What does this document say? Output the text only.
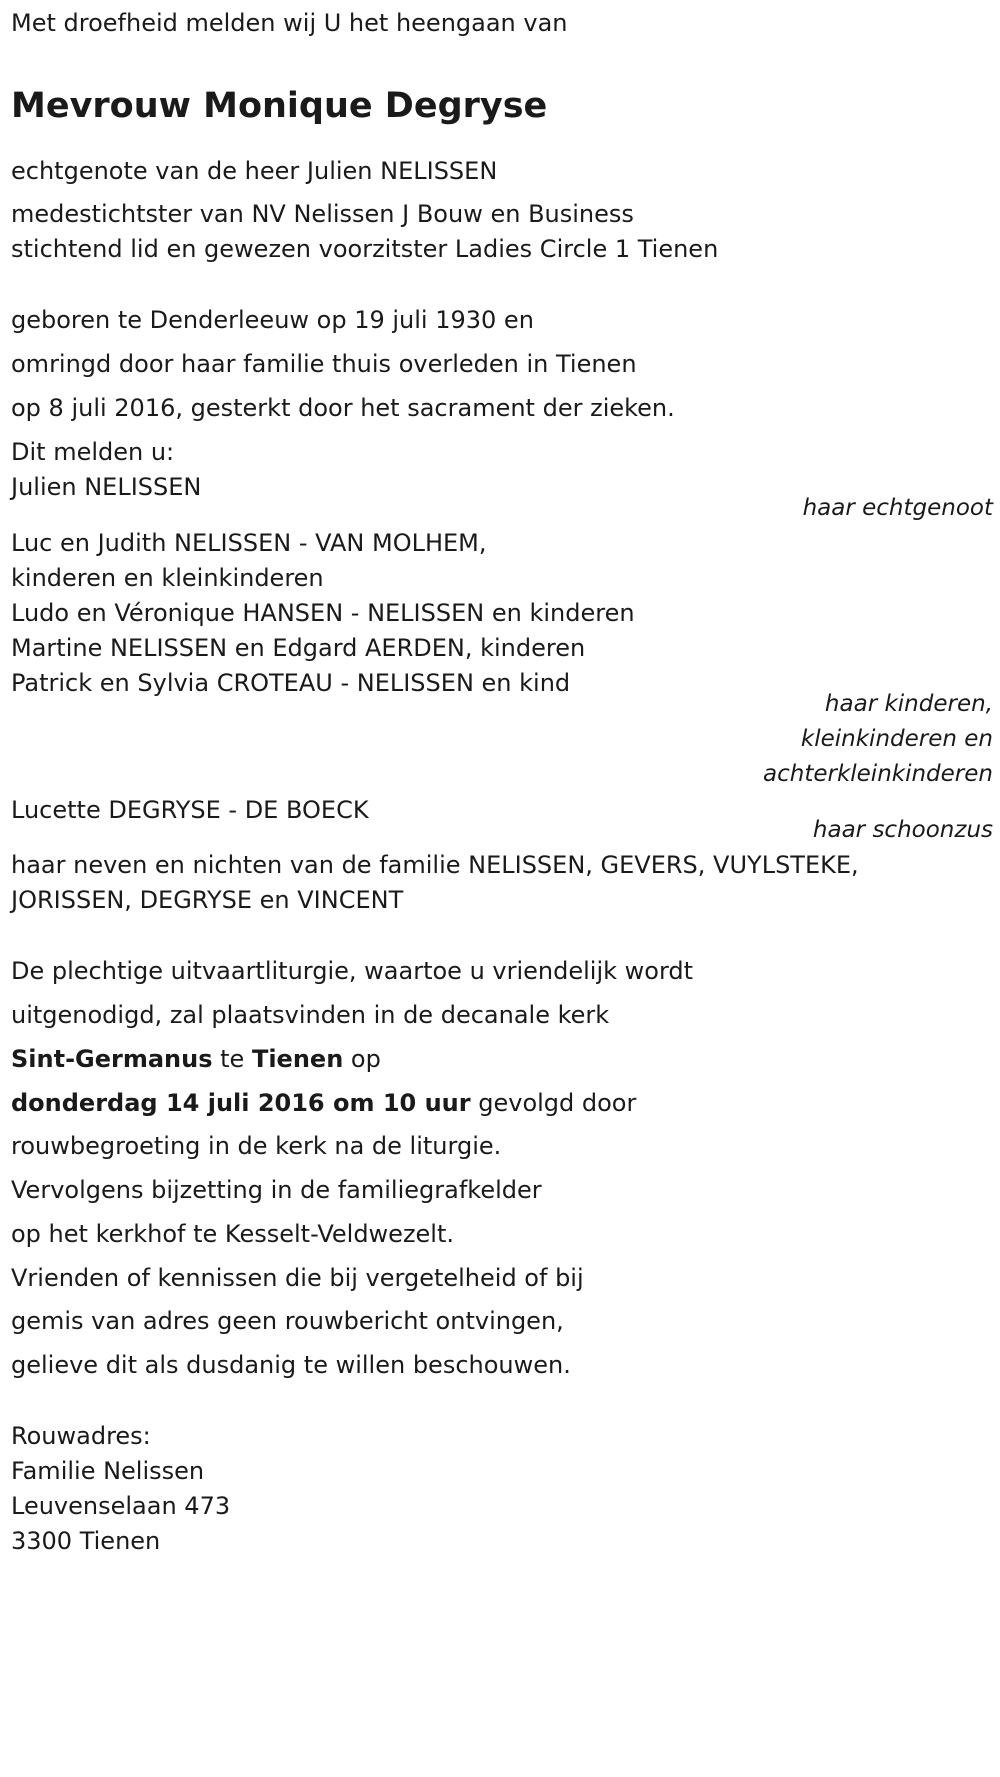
Met droefheid melden wij U het heengaan van
Mevrouw Monique Degryse
echtgenote van de heer Julien NELISSEN
medestichtster van NV Nelissen J Bouw en Business
stichtend lid en gewezen voorzitster Ladies Circle 1 Tienen
geboren te Denderleeuw op 19 juli 1930 en
omringd door haar familie thuis overleden in Tienen
op 8 juli 2016, gesterkt door het sacrament der zieken.
Dit melden u:
Julien NELISSEN
haar echtgenoot
Luc en Judith NELISSEN - VAN MOLHEM,
kinderen en kleinkinderen
Ludo en Véronique HANSEN - NELISSEN en kinderen
Martine NELISSEN en Edgard AERDEN, kinderen
Patrick en Sylvia CROTEAU - NELISSEN en kind
haar kinderen,
kleinkinderen en
achterkleinkinderen
Lucette DEGRYSE - DE BOECK
haar schoonzus
haar neven en nichten van de familie NELISSEN, GEVERS, VUYLSTEKE,
JORISSEN, DEGRYSE en VINCENT
De plechtige uitvaartliturgie, waartoe u vriendelijk wordt
uitgenodigd, zal plaatsvinden in de decanale kerk
Sint-Germanus te Tienen op
donderdag 14 juli 2016 om 10 uur gevolgd door
rouwbegroeting in de kerk na de liturgie.
Vervolgens bijzetting in de familiegrafkelder
op het kerkhof te Kesselt-Veldwezelt.
Vrienden of kennissen die bij vergetelheid of bij
gemis van adres geen rouwbericht ontvingen,
gelieve dit als dusdanig te willen beschouwen.
Rouwadres:
Familie Nelissen
Leuvenselaan 473
3300 Tienen
